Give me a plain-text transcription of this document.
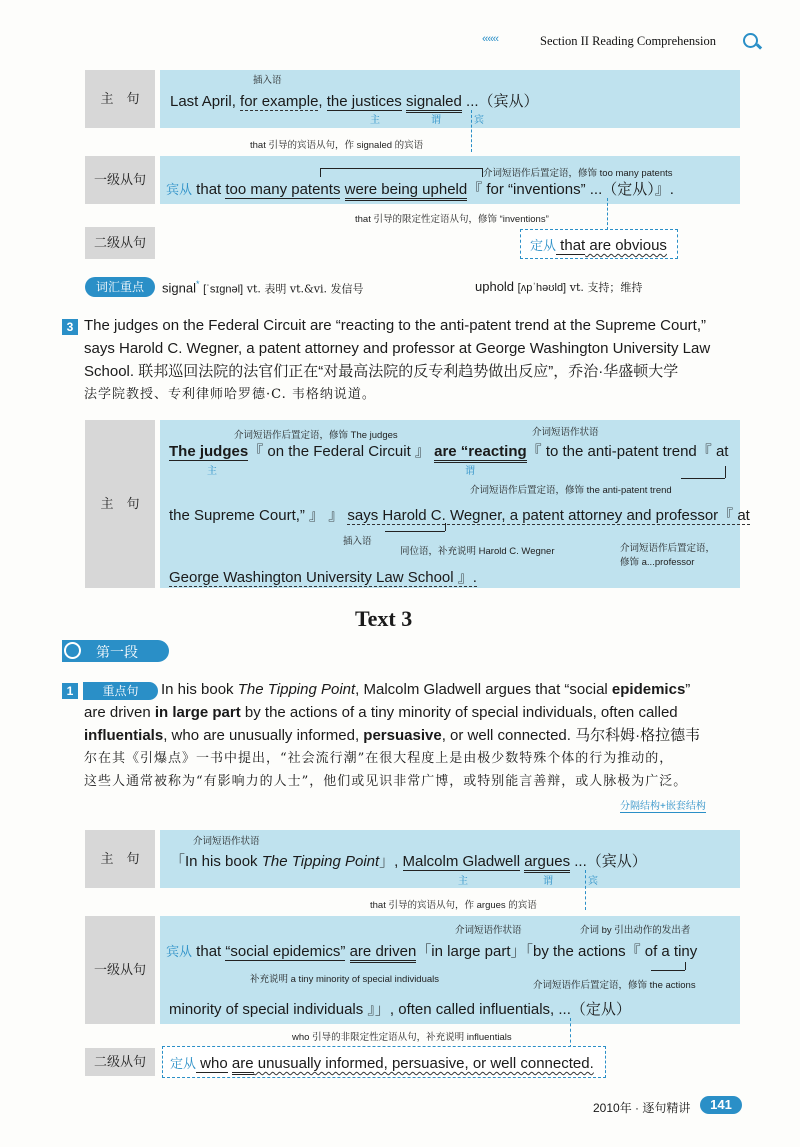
‹‹‹‹‹‹	Section II Reading Comprehension
主　句
插入语
Last April, for example, the justices signaled ...（宾从）
主	谓	宾
that 引导的宾语从句，作 signaled 的宾语
一级从句	介词短语作后置定语，修饰 too many patents
宾从 that too many patents were being upheld『 for “inventions” ...（定从）』.
that 引导的限定性定语从句，修饰 “inventions”
二级从句	定从 that are obvious
词汇重点	signal* [ˈsɪɡnəl] vt. 表明 vt.&vi. 发信号	uphold [ʌpˈhəʊld] vt. 支持；维持
3 The judges on the Federal Circuit are “reacting to the anti-patent trend at the Supreme Court,”
says Harold C. Wegner, a patent attorney and professor at George Washington University Law
School. 联邦巡回法院的法官们正在“对最高法院的反专利趋势做出反应”，乔治·华盛顿大学
法学院教授、专利律师哈罗德·C. 韦格纳说道。
主　句
介词短语作后置定语，修饰 The judges	介词短语作状语
The judges『 on the Federal Circuit 』 are “reacting『 to the anti-patent trend『 at
主	谓
介词短语作后置定语，修饰 the anti-patent trend
the Supreme Court,” 』 』 says Harold C. Wegner, a patent attorney and professor『 at
插入语
同位语，补充说明 Harold C. Wegner	介词短语作后置定语，
修饰 a...professor
George Washington University Law School 』.
Text 3
第一段
1	重点句	In his book The Tipping Point, Malcolm Gladwell argues that “social epidemics”
are driven in large part by the actions of a tiny minority of special individuals, often called
influentials, who are unusually informed, persuasive, or well connected. 马尔科姆·格拉德韦
尔在其《引爆点》一书中提出，“社会流行潮”在很大程度上是由极少数特殊个体的行为推动的，
这些人通常被称为“有影响力的人士”，他们或见识非常广博，或特别能言善辩，或人脉极为广泛。
分隔结构+嵌套结构
主　句
介词短语作状语
「In his book The Tipping Point」, Malcolm Gladwell argues ...（宾从）
主	谓	宾
that 引导的宾语从句，作 argues 的宾语
一级从句
介词短语作状语	介词 by 引出动作的发出者
宾从 that “social epidemics” are driven「in large part」「by the actions『 of a tiny
补充说明 a tiny minority of special individuals
介词短语作后置定语，修饰 the actions
minority of special individuals 』」, often called influentials, ...（定从）
who 引导的非限定性定语从句，补充说明 influentials
二级从句	定从 who are unusually informed, persuasive, or well connected.
2010年 · 逐句精讲	141
